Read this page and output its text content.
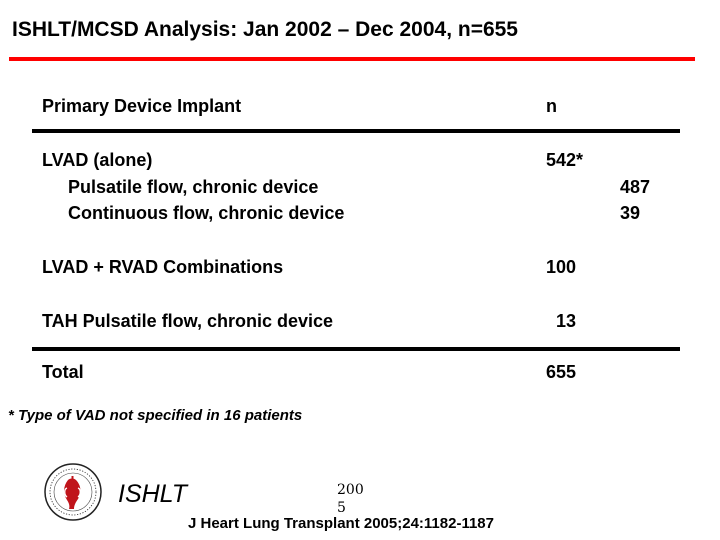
ISHLT/MCSD Analysis: Jan 2002 – Dec 2004, n=655
Primary Device Implant	n
LVAD (alone)	542*
Pulsatile flow, chronic device	487
Continuous flow, chronic device	39
LVAD + RVAD Combinations	100
TAH Pulsatile flow, chronic device	13
Total	655
* Type of VAD not specified in 16 patients
ISHLT	2005
J Heart Lung Transplant 2005;24:1182-1187
